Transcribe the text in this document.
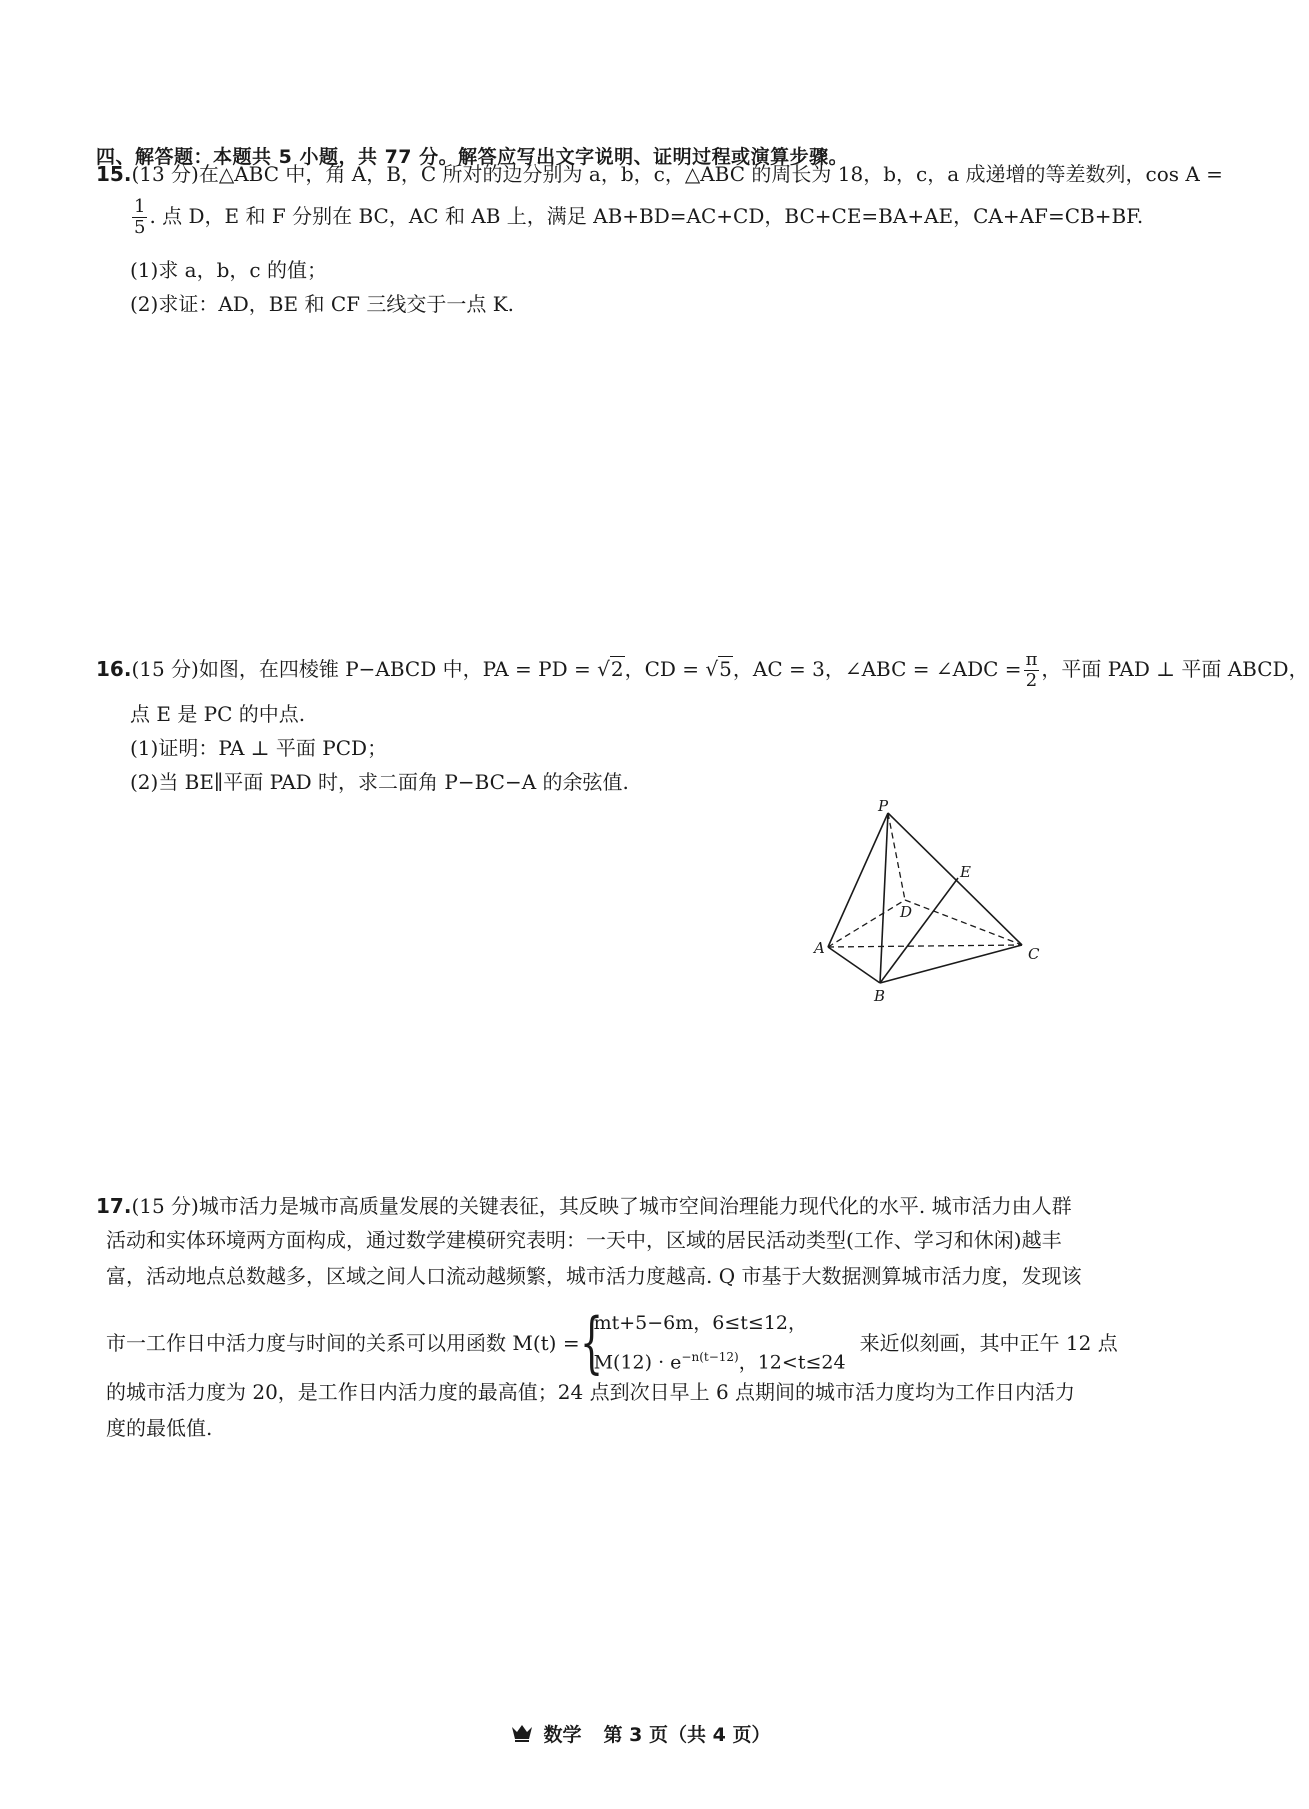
四、解答题：本题共 5 小题，共 77 分。解答应写出文字说明、证明过程或演算步骤。
15.(13 分)在△ABC 中，角 A，B，C 所对的边分别为 a，b，c，△ABC 的周长为 18，b，c，a 成递增的等差数列，cos A =
$\frac{1}{5}$ . 点 D，E 和 F 分别在 BC，AC 和 AB 上，满足 AB+BD=AC+CD，BC+CE=BA+AE，CA+AF=CB+BF.
(1)求 a，b，c 的值；
(2)求证：AD，BE 和 CF 三线交于一点 K.
16.(15 分)如图，在四棱锥 P−ABCD 中，PA = PD = √2，CD = √5，AC = 3，∠ABC = ∠ADC = $\frac{\pi}{2}$ ，平面 PAD ⊥ 平面 ABCD，
点 E 是 PC 的中点.
(1)证明：PA ⊥ 平面 PCD；
(2)当 BE∥平面 PAD 时，求二面角 P−BC−A 的余弦值.
P
A
B
C
D
E
17.(15 分)城市活力是城市高质量发展的关键表征，其反映了城市空间治理能力现代化的水平. 城市活力由人群
活动和实体环境两方面构成，通过数学建模研究表明：一天中，区域的居民活动类型(工作、学习和休闲)越丰
富，活动地点总数越多，区域之间人口流动越频繁，城市活力度越高. Q 市基于大数据测算城市活力度，发现该
市一工作日中活力度与时间的关系可以用函数 M(t) = {
mt+5−6m，6≤t≤12，
$M(12) \cdot e^{-n(t-12)}$，12<t≤24
来近似刻画，其中正午 12 点
的城市活力度为 20，是工作日内活力度的最高值；24 点到次日早上 6 点期间的城市活力度均为工作日内活力
度的最低值.
数学 第 3 页（共 4 页）
